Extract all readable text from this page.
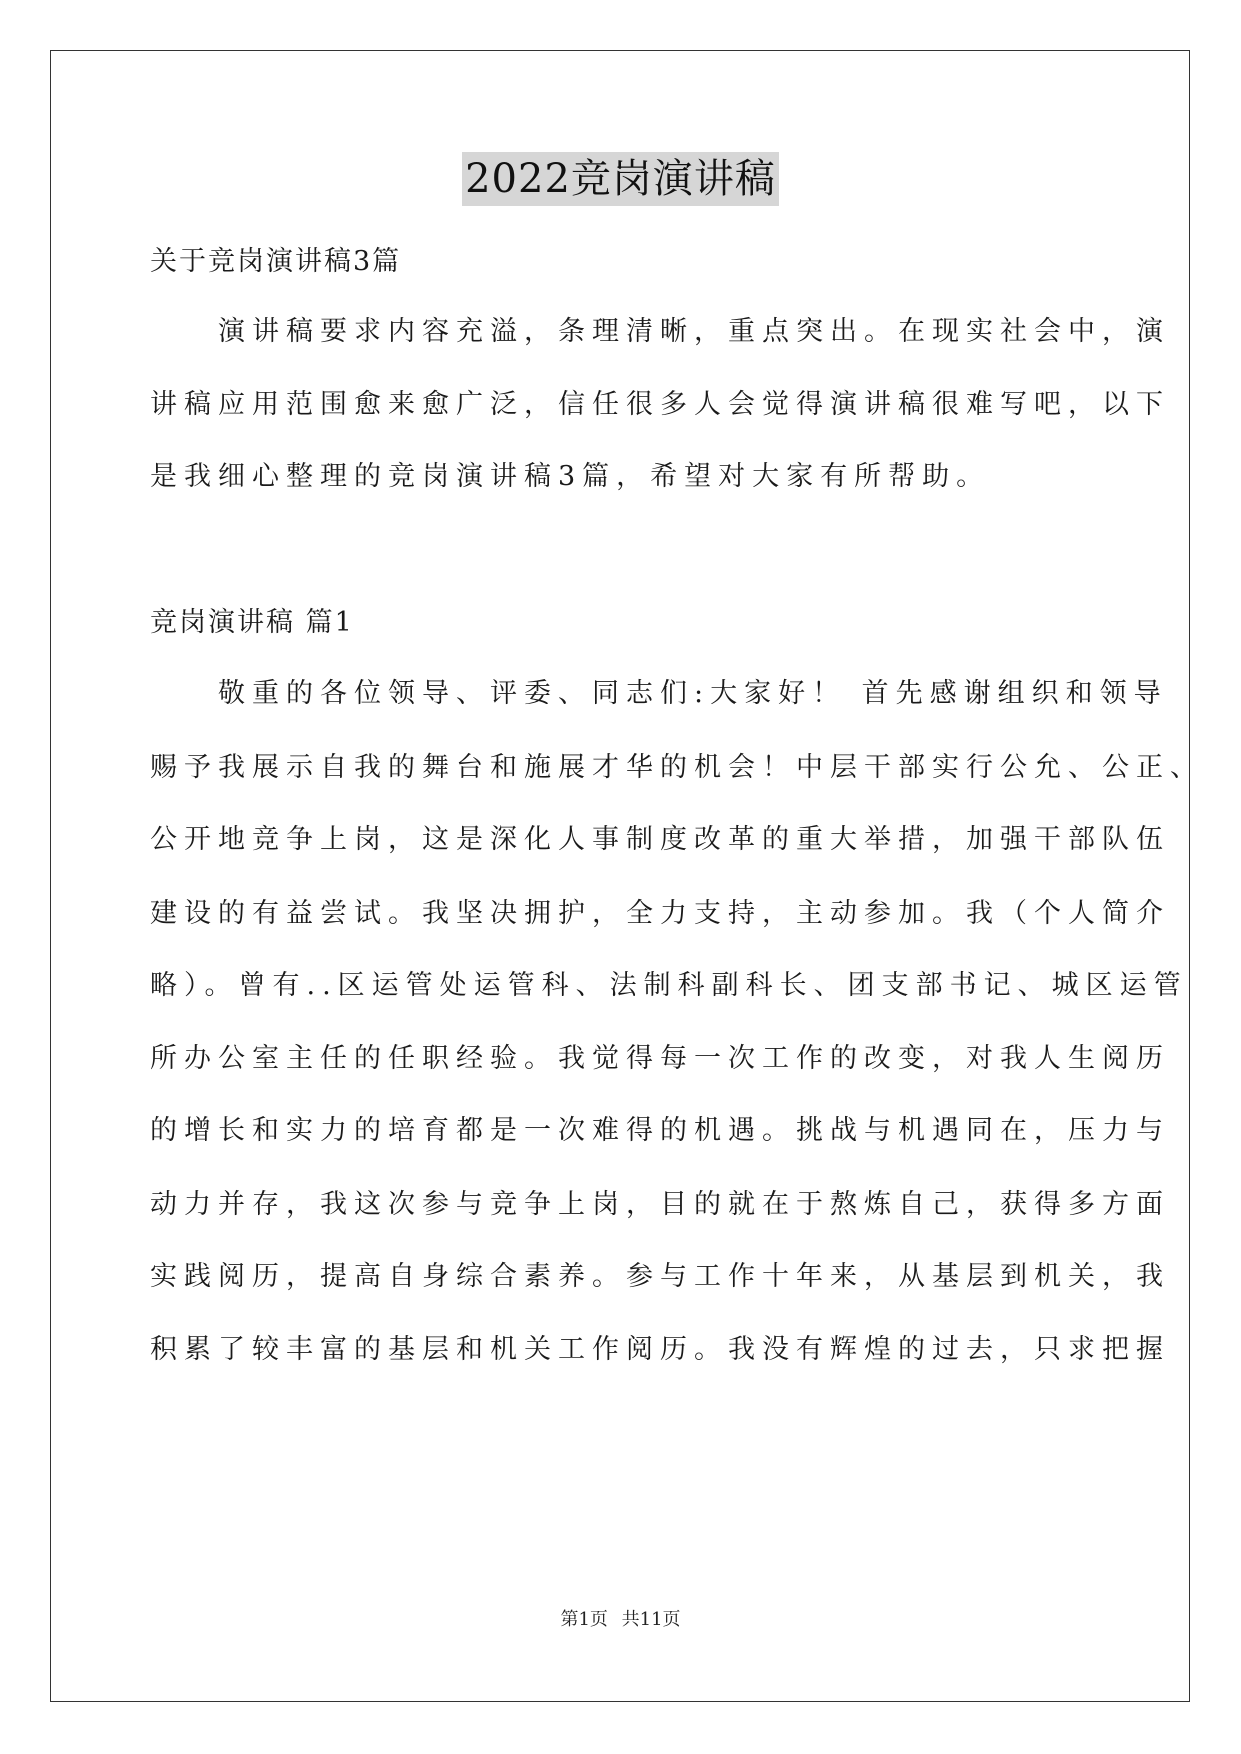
2022竞岗演讲稿
关于竞岗演讲稿3篇
　　演讲稿要求内容充溢，条理清晰，重点突出。在现实社会中，演
讲稿应用范围愈来愈广泛，信任很多人会觉得演讲稿很难写吧，以下
是我细心整理的竞岗演讲稿3篇，希望对大家有所帮助。
竞岗演讲稿 篇1
　　敬重的各位领导、评委、同志们:大家好！ 首先感谢组织和领导
赐予我展示自我的舞台和施展才华的机会！中层干部实行公允、公正、
公开地竞争上岗，这是深化人事制度改革的重大举措，加强干部队伍
建设的有益尝试。我坚决拥护，全力支持，主动参加。我（个人简介
略）。曾有..区运管处运管科、法制科副科长、团支部书记、城区运管
所办公室主任的任职经验。我觉得每一次工作的改变，对我人生阅历
的增长和实力的培育都是一次难得的机遇。挑战与机遇同在，压力与
动力并存，我这次参与竞争上岗，目的就在于熬炼自己，获得多方面
实践阅历，提高自身综合素养。参与工作十年来，从基层到机关，我
积累了较丰富的基层和机关工作阅历。我没有辉煌的过去，只求把握
第1页 共11页
